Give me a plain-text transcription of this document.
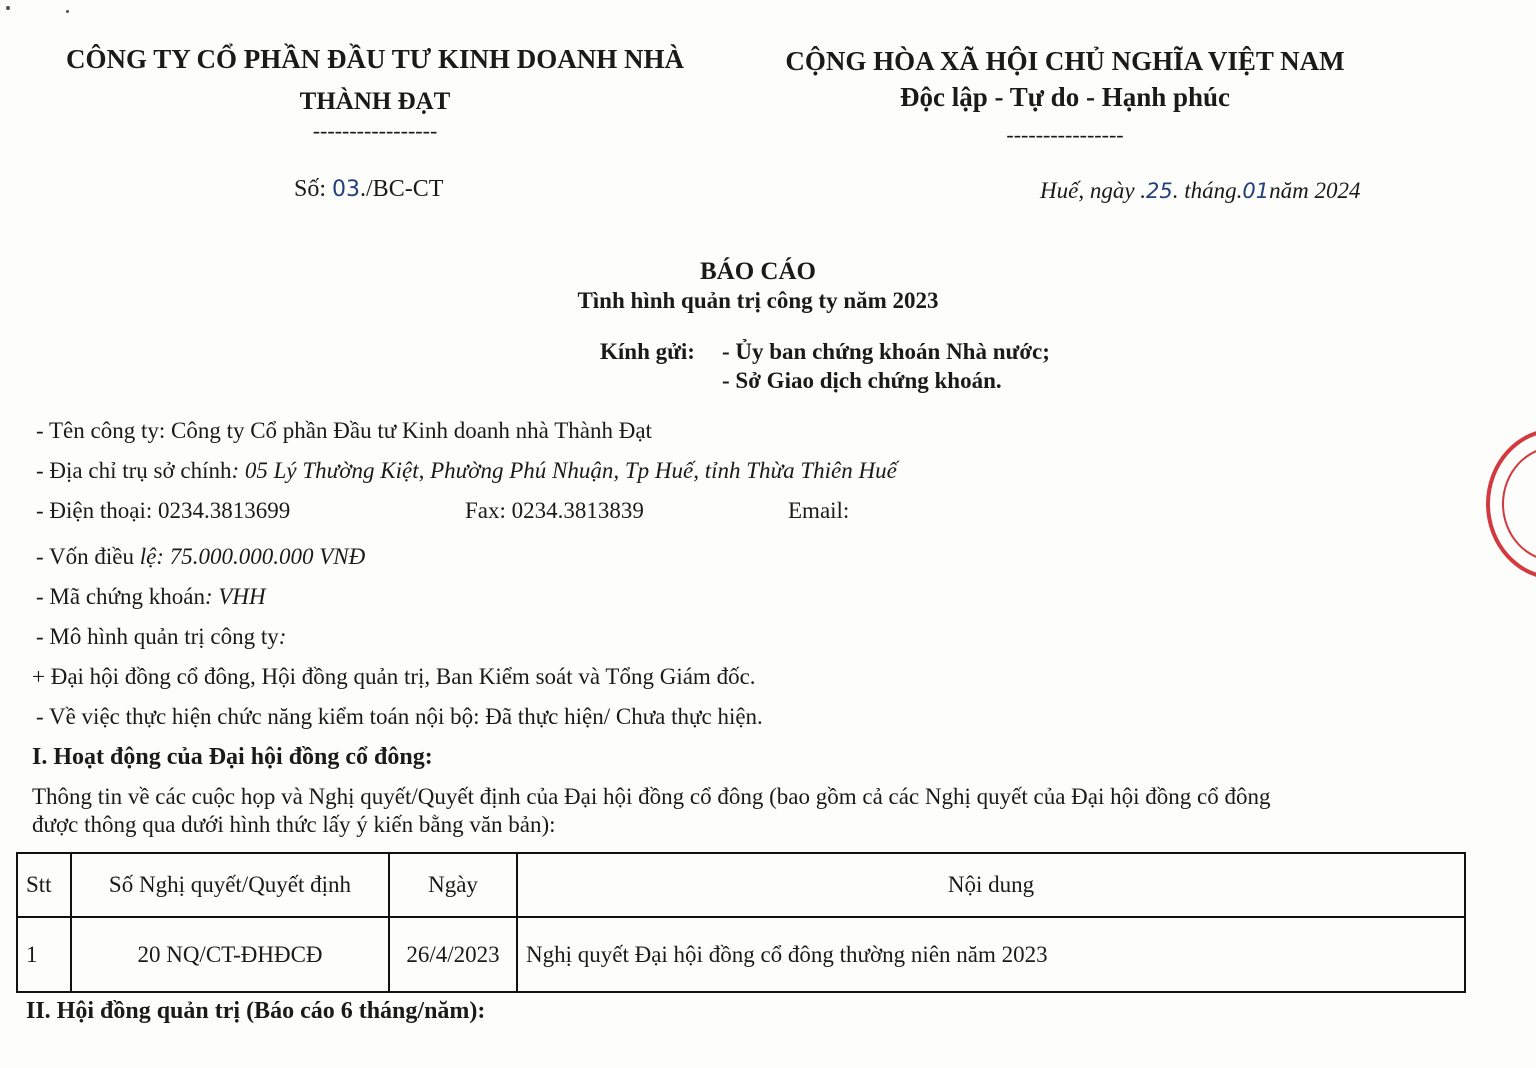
CÔNG TY CỔ PHẦN ĐẦU TƯ KINH DOANH NHÀ
THÀNH ĐẠT
-----------------
CỘNG HÒA XÃ HỘI CHỦ NGHĨA VIỆT NAM
Độc lập - Tự do - Hạnh phúc
----------------
Số: 03./BC-CT	Huế, ngày .25. tháng.01năm 2024
BÁO CÁO
Tình hình quản trị công ty năm 2023
Kính gửi: - Ủy ban chứng khoán Nhà nước;
- Sở Giao dịch chứng khoán.
- Tên công ty: Công ty Cổ phần Đầu tư Kinh doanh nhà Thành Đạt
- Địa chỉ trụ sở chính: 05 Lý Thường Kiệt, Phường Phú Nhuận, Tp Huế, tỉnh Thừa Thiên Huế
- Điện thoại: 0234.3813699	Fax: 0234.3813839	Email:
- Vốn điều lệ: 75.000.000.000 VNĐ
- Mã chứng khoán: VHH
- Mô hình quản trị công ty:
+ Đại hội đồng cổ đông, Hội đồng quản trị, Ban Kiểm soát và Tổng Giám đốc.
- Về việc thực hiện chức năng kiểm toán nội bộ: Đã thực hiện/ Chưa thực hiện.
I. Hoạt động của Đại hội đồng cổ đông:
Thông tin về các cuộc họp và Nghị quyết/Quyết định của Đại hội đồng cổ đông (bao gồm cả các Nghị quyết của Đại hội đồng cổ đông
được thông qua dưới hình thức lấy ý kiến bằng văn bản):
Stt	Số Nghị quyết/Quyết định	Ngày	Nội dung
1	20 NQ/CT-ĐHĐCĐ	26/4/2023	Nghị quyết Đại hội đồng cổ đông thường niên năm 2023
II. Hội đồng quản trị (Báo cáo 6 tháng/năm):
